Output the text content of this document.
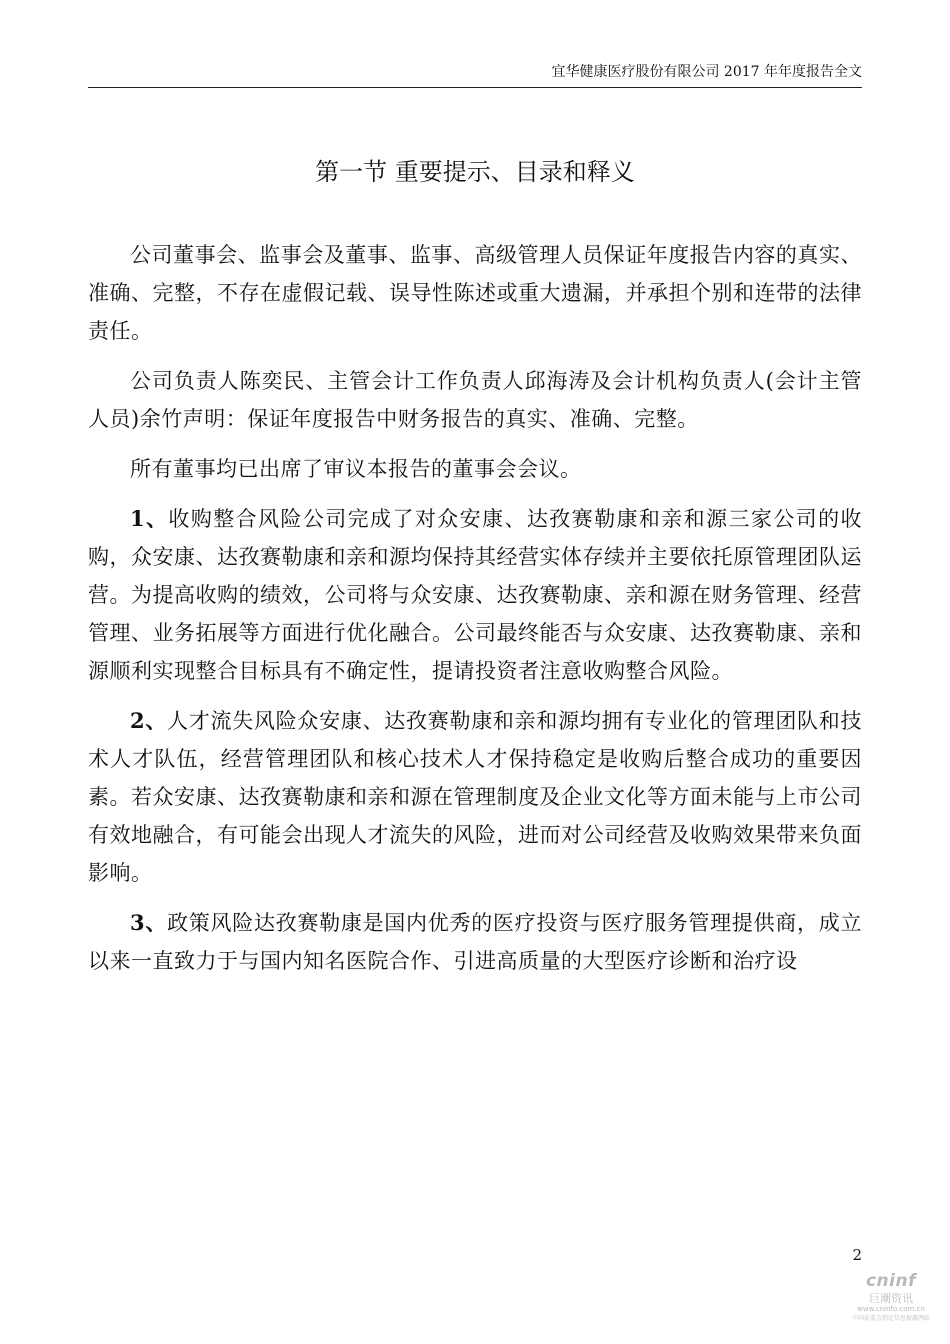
宜华健康医疗股份有限公司 2017 年年度报告全文
第一节 重要提示、目录和释义

公司董事会、监事会及董事、监事、高级管理人员保证年度报告内容的真实、准确、完整，不存在虚假记载、误导性陈述或重大遗漏，并承担个别和连带的法律责任。

公司负责人陈奕民、主管会计工作负责人邱海涛及会计机构负责人(会计主管人员)余竹声明：保证年度报告中财务报告的真实、准确、完整。

所有董事均已出席了审议本报告的董事会会议。

1、收购整合风险公司完成了对众安康、达孜赛勒康和亲和源三家公司的收购，众安康、达孜赛勒康和亲和源均保持其经营实体存续并主要依托原管理团队运营。为提高收购的绩效，公司将与众安康、达孜赛勒康、亲和源在财务管理、经营管理、业务拓展等方面进行优化融合。公司最终能否与众安康、达孜赛勒康、亲和源顺利实现整合目标具有不确定性，提请投资者注意收购整合风险。

2、人才流失风险众安康、达孜赛勒康和亲和源均拥有专业化的管理团队和技术人才队伍，经营管理团队和核心技术人才保持稳定是收购后整合成功的重要因素。若众安康、达孜赛勒康和亲和源在管理制度及企业文化等方面未能与上市公司有效地融合，有可能会出现人才流失的风险，进而对公司经营及收购效果带来负面影响。

3、政策风险达孜赛勒康是国内优秀的医疗投资与医疗服务管理提供商，成立以来一直致力于与国内知名医院合作、引进高质量的大型医疗诊断和治疗设

2
cninf
巨潮资讯
www.cninfo.com.cn
中国证监会指定信息披露网站
